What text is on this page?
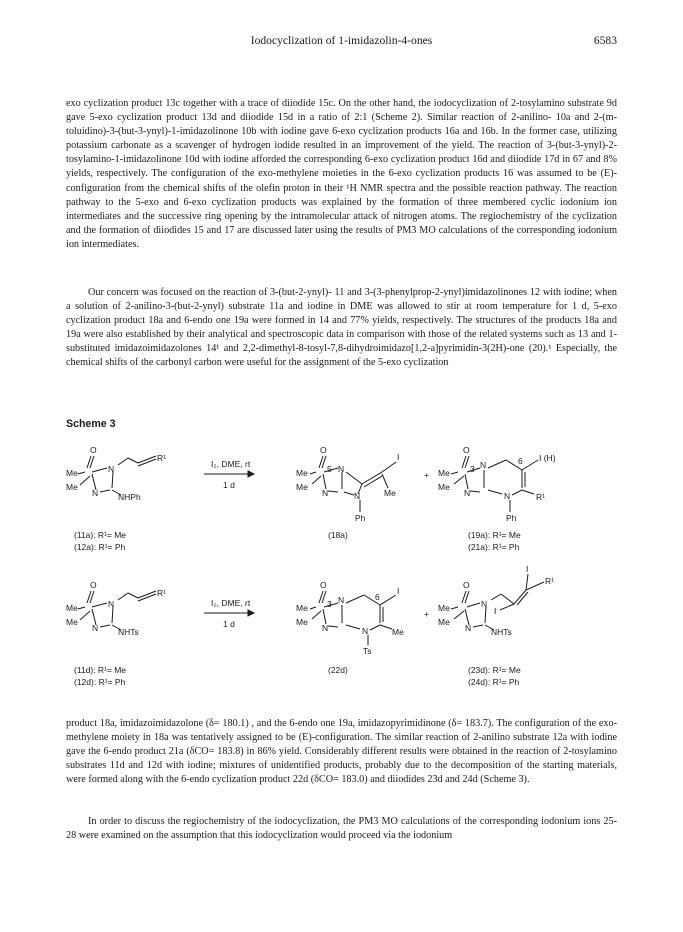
Iodocyclization of 1-imidazolin-4-ones	6583

exo cyclization product 13c together with a trace of diiodide 15c. On the other hand, the iodocyclization of 2-tosylamino substrate 9d gave 5-exo cyclization product 13d and diiodide 15d in a ratio of 2:1 (Scheme 2). Similar reaction of 2-anilino- 10a and 2-(m-toluidino)-3-(but-3-ynyl)-1-imidazolinone 10b with iodine gave 6-exo cyclization products 16a and 16b. In the former case, utilizing potassium carbonate as a scavenger of hydrogen iodide resulted in an improvement of the yield. The reaction of 3-(but-3-ynyl)-2-tosylamino-1-imidazolinone 10d with iodine afforded the corresponding 6-exo cyclization product 16d and diiodide 17d in 67 and 8% yields, respectively. The configuration of the exo-methylene moieties in the 6-exo cyclization products 16 was assumed to be (E)-configuration from the chemical shifts of the olefin proton in their ¹H NMR spectra and the possible reaction pathway. The reaction pathway to the 5-exo and 6-exo cyclization products was explained by the formation of three membered cyclic iodonium ion intermediates and the successive ring opening by the intramolecular attack of nitrogen atoms. The regiochemistry of the cyclization and the formation of diiodides 15 and 17 are discussed later using the results of PM3 MO calculations of the corresponding iodonium ion intermediates.

Our concern was focused on the reaction of 3-(but-2-ynyl)- 11 and 3-(3-phenylprop-2-ynyl)imidazolinones 12 with iodine; when a solution of 2-anilino-3-(but-2-ynyl) substrate 11a and iodine in DME was allowed to stir at room temperature for 1 d, 5-exo cyclization product 18a and 6-endo one 19a were formed in 14 and 77% yields, respectively. The structures of the products 18a and 19a were also established by their analytical and spectroscopic data in comparison with those of the related systems such as 13 and 1-substituted imidazoimidazolones 14¹ and 2,2-dimethyl-8-tosyl-7,8-dihydroimidazo[1,2-a]pyrimidin-3(2H)-one (20).¹ Especially, the chemical shifts of the carbonyl carbon were useful for the assignment of the 5-exo cyclization

Scheme 3
O
N
N
Me
Me
NHPh
R¹
I₂, DME, rt
1 d
O
Me
Me
5 N
N	N
Ph
I
Me
+
O
Me
Me
3 N
N	N
Ph
6 I (H)
R¹
(11a): R¹= Me
(12a): R¹= Ph
(18a)	(19a): R¹= Me
(21a): R¹= Ph
O
N
N
Me
Me
NHTs
R¹
I₂, DME, rt
1 d
O
Me
Me
3 N
N	N
Ts
6
I
Me
+
O
Me
Me
N
N NHTs
I
I
R¹
(11d): R¹= Me
(12d): R¹= Ph
(22d)	(23d): R¹= Me
(24d): R¹= Ph

product 18a, imidazoimidazolone (δ= 180.1) , and the 6-endo one 19a, imidazopyrimidinone (δ= 183.7). The configuration of the exo-methylene moiety in 18a was tentatively assigned to be (E)-configuration. The similar reaction of 2-anilino substrate 12a with iodine gave the 6-endo product 21a (δCO= 183.8) in 86% yield. Considerably different results were obtained in the reaction of 2-tosylamino substrates 11d and 12d with iodine; mixtures of unidentified products, probably due to the decomposition of the starting materials, were formed along with the 6-endo cyclization product 22d (δCO= 183.0) and diiodides 23d and 24d (Scheme 3).

In order to discuss the regiochemistry of the iodocyclization, the PM3 MO calculations of the corresponding iodonium ions 25-28 were examined on the assumption that this iodocyclization would proceed via the iodonium
